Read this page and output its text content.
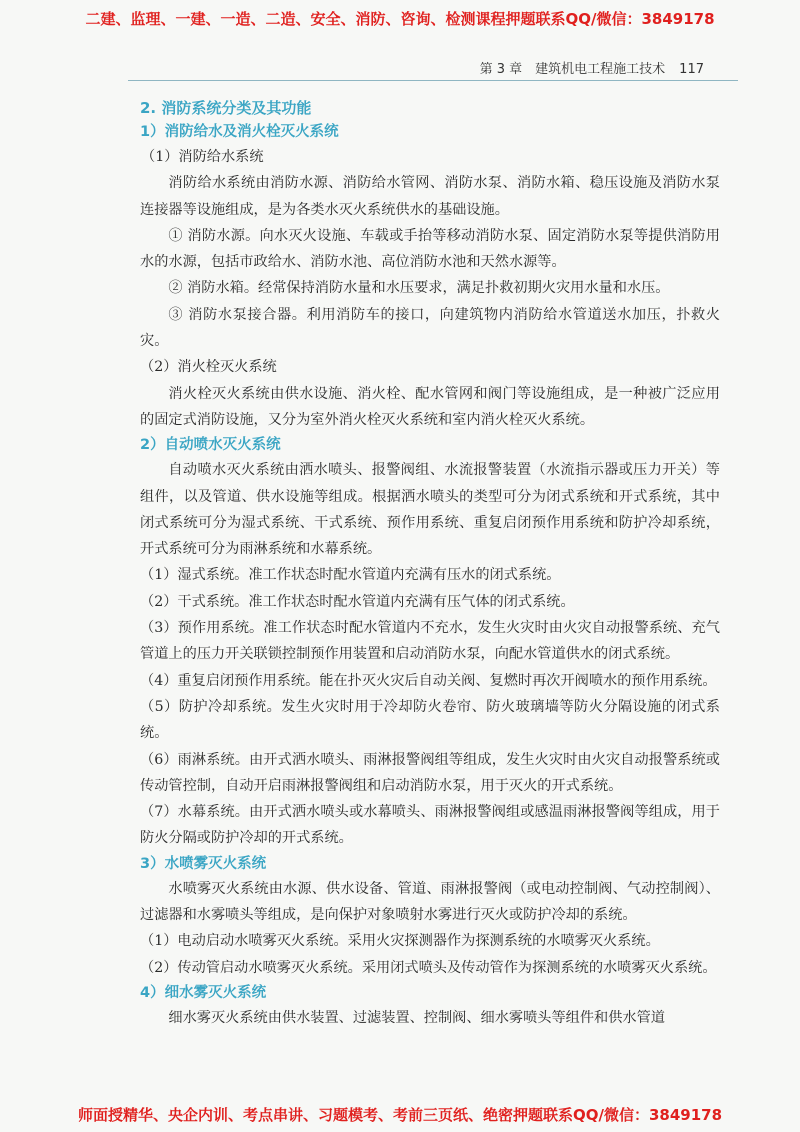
二建、监理、一建、一造、二造、安全、消防、咨询、检测课程押题联系QQ/微信：3849178
第 3 章　建筑机电工程施工技术 117

2. 消防系统分类及其功能

1）消防给水及消火栓灭火系统

（1）消防给水系统

消防给水系统由消防水源、消防给水管网、消防水泵、消防水箱、稳压设施及消防水泵连接器等设施组成，是为各类水灭火系统供水的基础设施。

① 消防水源。向水灭火设施、车载或手抬等移动消防水泵、固定消防水泵等提供消防用水的水源，包括市政给水、消防水池、高位消防水池和天然水源等。

② 消防水箱。经常保持消防水量和水压要求，满足扑救初期火灾用水量和水压。

③ 消防水泵接合器。利用消防车的接口，向建筑物内消防给水管道送水加压，扑救火灾。

（2）消火栓灭火系统

消火栓灭火系统由供水设施、消火栓、配水管网和阀门等设施组成，是一种被广泛应用的固定式消防设施，又分为室外消火栓灭火系统和室内消火栓灭火系统。

2）自动喷水灭火系统

自动喷水灭火系统由洒水喷头、报警阀组、水流报警装置（水流指示器或压力开关）等组件，以及管道、供水设施等组成。根据洒水喷头的类型可分为闭式系统和开式系统，其中闭式系统可分为湿式系统、干式系统、预作用系统、重复启闭预作用系统和防护冷却系统，开式系统可分为雨淋系统和水幕系统。

（1）湿式系统。准工作状态时配水管道内充满有压水的闭式系统。

（2）干式系统。准工作状态时配水管道内充满有压气体的闭式系统。

（3）预作用系统。准工作状态时配水管道内不充水，发生火灾时由火灾自动报警系统、充气管道上的压力开关联锁控制预作用装置和启动消防水泵，向配水管道供水的闭式系统。

（4）重复启闭预作用系统。能在扑灭火灾后自动关阀、复燃时再次开阀喷水的预作用系统。

（5）防护冷却系统。发生火灾时用于冷却防火卷帘、防火玻璃墙等防火分隔设施的闭式系统。

（6）雨淋系统。由开式洒水喷头、雨淋报警阀组等组成，发生火灾时由火灾自动报警系统或传动管控制，自动开启雨淋报警阀组和启动消防水泵，用于灭火的开式系统。

（7）水幕系统。由开式洒水喷头或水幕喷头、雨淋报警阀组或感温雨淋报警阀等组成，用于防火分隔或防护冷却的开式系统。

3）水喷雾灭火系统

水喷雾灭火系统由水源、供水设备、管道、雨淋报警阀（或电动控制阀、气动控制阀）、过滤器和水雾喷头等组成，是向保护对象喷射水雾进行灭火或防护冷却的系统。

（1）电动启动水喷雾灭火系统。采用火灾探测器作为探测系统的水喷雾灭火系统。

（2）传动管启动水喷雾灭火系统。采用闭式喷头及传动管作为探测系统的水喷雾灭火系统。

4）细水雾灭火系统

细水雾灭火系统由供水装置、过滤装置、控制阀、细水雾喷头等组件和供水管道

师面授精华、央企内训、考点串讲、习题模考、考前三页纸、绝密押题联系QQ/微信：3849178
